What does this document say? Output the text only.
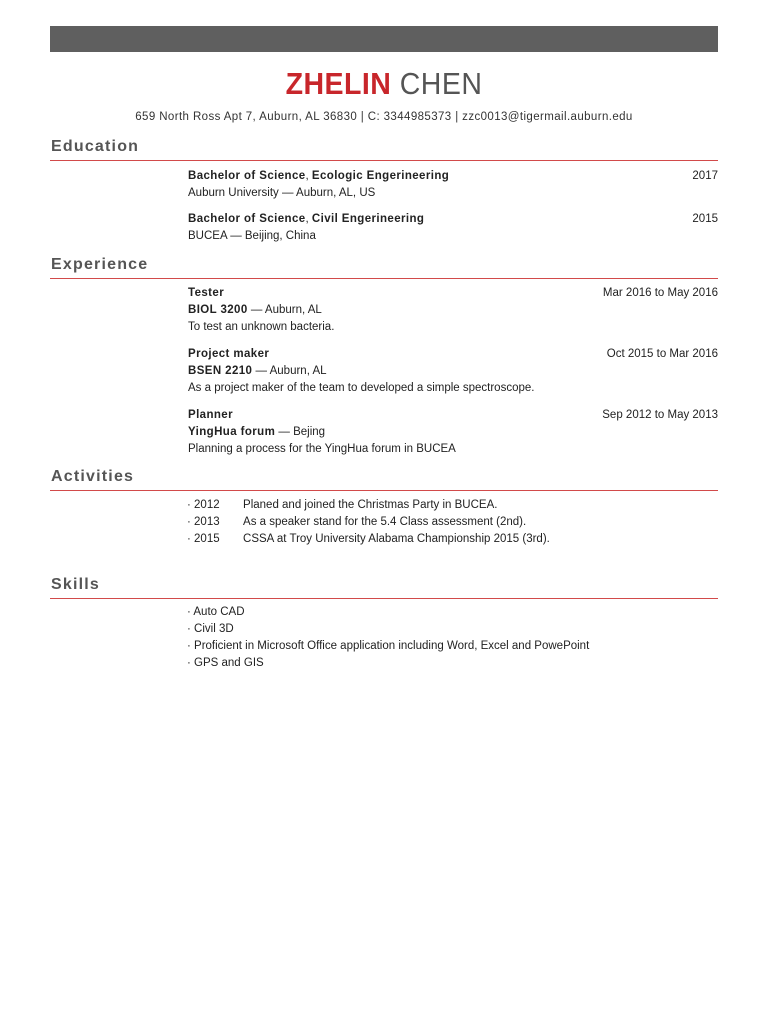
ZHELIN CHEN
659 North Ross Apt 7, Auburn, AL 36830 | C: 3344985373 | zzc0013@tigermail.auburn.edu
Education
Bachelor of Science, Ecologic Engerineering	2017
Auburn University — Auburn, AL, US
Bachelor of Science, Civil Engerineering	2015
BUCEA — Beijing, China
Experience
Tester	Mar 2016 to May 2016
BIOL 3200 — Auburn, AL
To test an unknown bacteria.
Project maker	Oct 2015 to Mar 2016
BSEN 2210 — Auburn, AL
As a project maker of the team to developed a simple spectroscope.
Planner	Sep 2012 to May 2013
YingHua forum — Bejing
Planning a process for the YingHua forum in BUCEA
Activities
· 2012 Planed and joined the Christmas Party in BUCEA.
· 2013 As a speaker stand for the 5.4 Class assessment (2nd).
· 2015 CSSA at Troy University Alabama Championship 2015 (3rd).
Skills
· Auto CAD
· Civil 3D
· Proficient in Microsoft Office application including Word, Excel and PowePoint
· GPS and GIS
